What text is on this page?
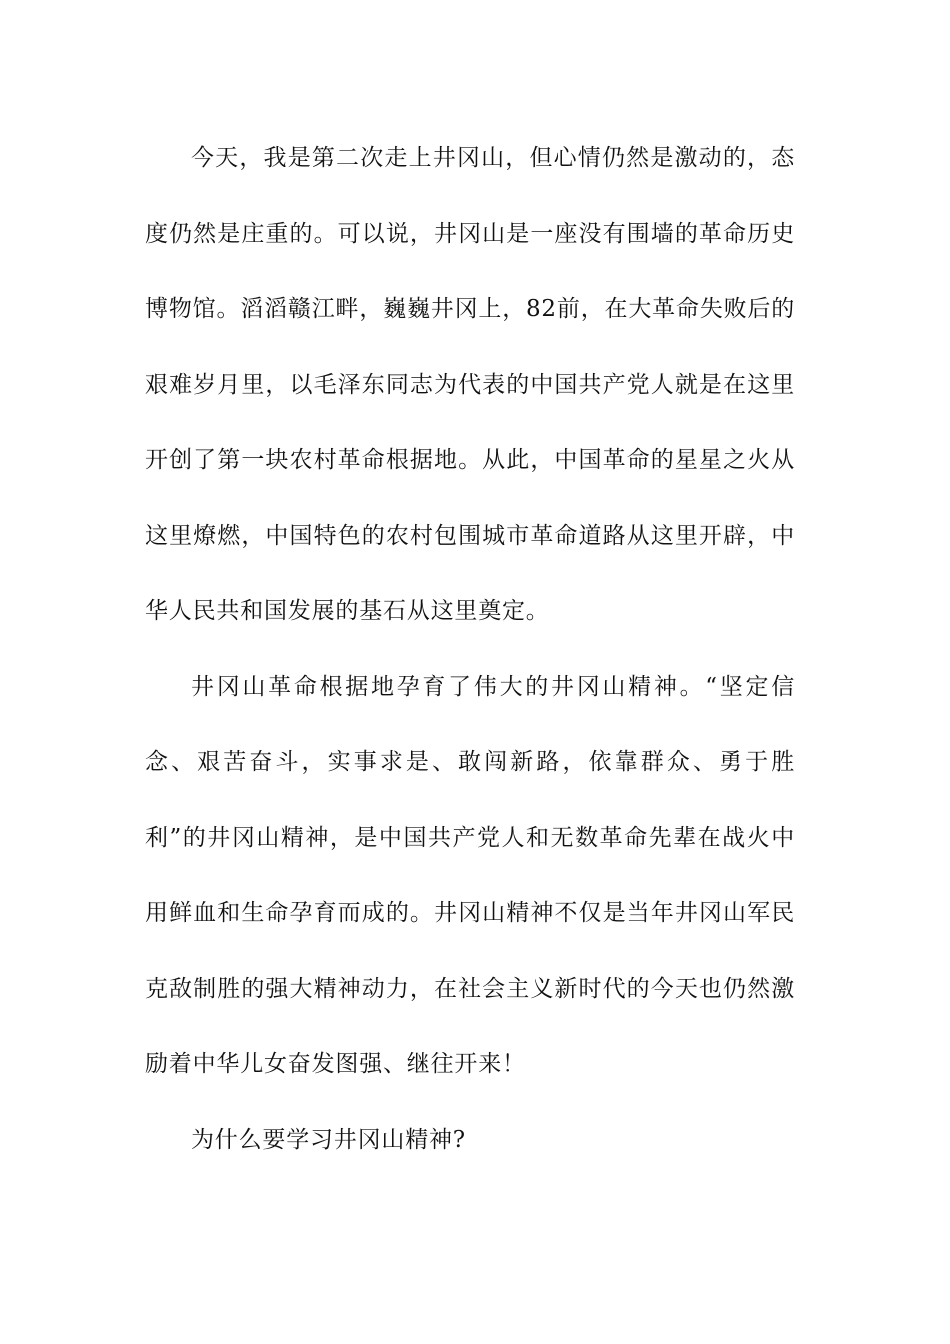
今天，我是第二次走上井冈山，但心情仍然是激动的，态度仍然是庄重的。可以说，井冈山是一座没有围墙的革命历史博物馆。滔滔赣江畔，巍巍井冈上，82前，在大革命失败后的艰难岁月里，以毛泽东同志为代表的中国共产党人就是在这里开创了第一块农村革命根据地。从此，中国革命的星星之火从这里燎燃，中国特色的农村包围城市革命道路从这里开辟，中华人民共和国发展的基石从这里奠定。

井冈山革命根据地孕育了伟大的井冈山精神。“坚定信念、艰苦奋斗，实事求是、敢闯新路，依靠群众、勇于胜利”的井冈山精神，是中国共产党人和无数革命先辈在战火中用鲜血和生命孕育而成的。井冈山精神不仅是当年井冈山军民克敌制胜的强大精神动力，在社会主义新时代的今天也仍然激励着中华儿女奋发图强、继往开来！

为什么要学习井冈山精神?
